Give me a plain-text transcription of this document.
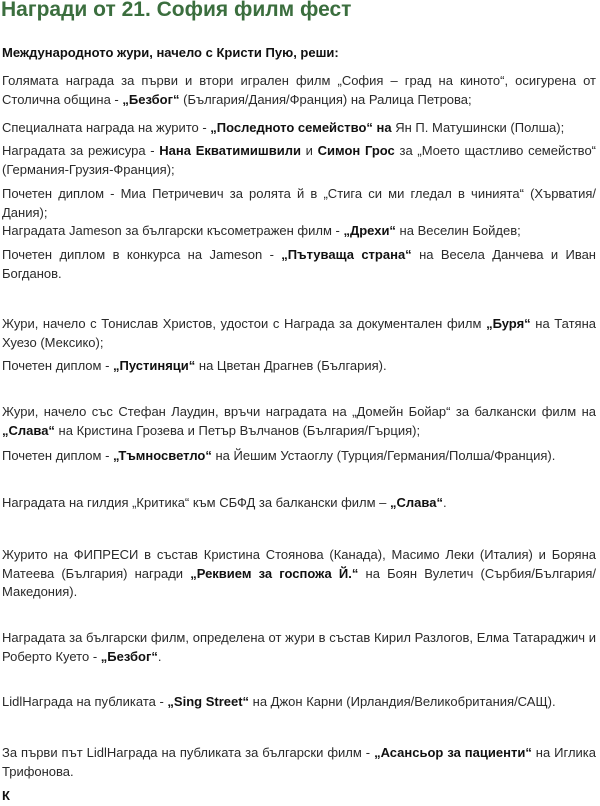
Награди от 21. София филм фест
Международното жури, начело с Кристи Пую, реши:
Голямата награда за първи и втори игрален филм „София – град на киното“, осигурена от Столична община - „Безбог“ (България/Дания/Франция) на Ралица Петрова;
Специалната награда на журито - „Последното семейство“ на Ян П. Матушински (Полша);
Наградата за режисура - Нана Екватимишвили и Симон Грос за „Моето щастливо семейство“ (Германия-Грузия-Франция);
Почетен диплом - Миа Петричевич за ролята й в „Стига си ми гледал в чинията“ (Хърватия/Дания);
Наградата Jameson за български късометражен филм - „Дрехи“ на Веселин Бойдев;
Почетен диплом в конкурса на Jameson - „Пътуваща страна“ на Весела Данчева и Иван Богданов.
Жури, начело с Тонислав Христов, удостои с Награда за документален филм „Буря“ на Татяна Хуезо (Мексико);
Почетен диплом - „Пустиняци“ на Цветан Драгнев (България).
Жури, начело със Стефан Лаудин, връчи наградата на „Домейн Бойар“ за балкански филм на „Слава“ на Кристина Грозева и Петър Вълчанов (България/Гърция);
Почетен диплом - „Тъмносветло“ на Йешим Устаоглу (Турция/Германия/Полша/Франция).
Наградата на гилдия „Критика“ към СБФД за балкански филм – „Слава“.
Журито на ФИПРЕСИ в състав Кристина Стоянова (Канада), Масимо Леки (Италия) и Боряна Матеева (България) награди „Реквием за госпожа Й.“ на Боян Вулетич (Сърбия/България/Македония).
Наградата за български филм, определена от жури в състав Кирил Разлогов, Елма Татараджич и Роберто Куето - „Безбог“.
LidlНаграда на публиката - „Sing Street“ на Джон Карни (Ирландия/Великобритания/САЩ).
За първи път LidlНаграда на публиката за български филм - „Асансьор за пациенти“ на Иглика Трифонова.
К
